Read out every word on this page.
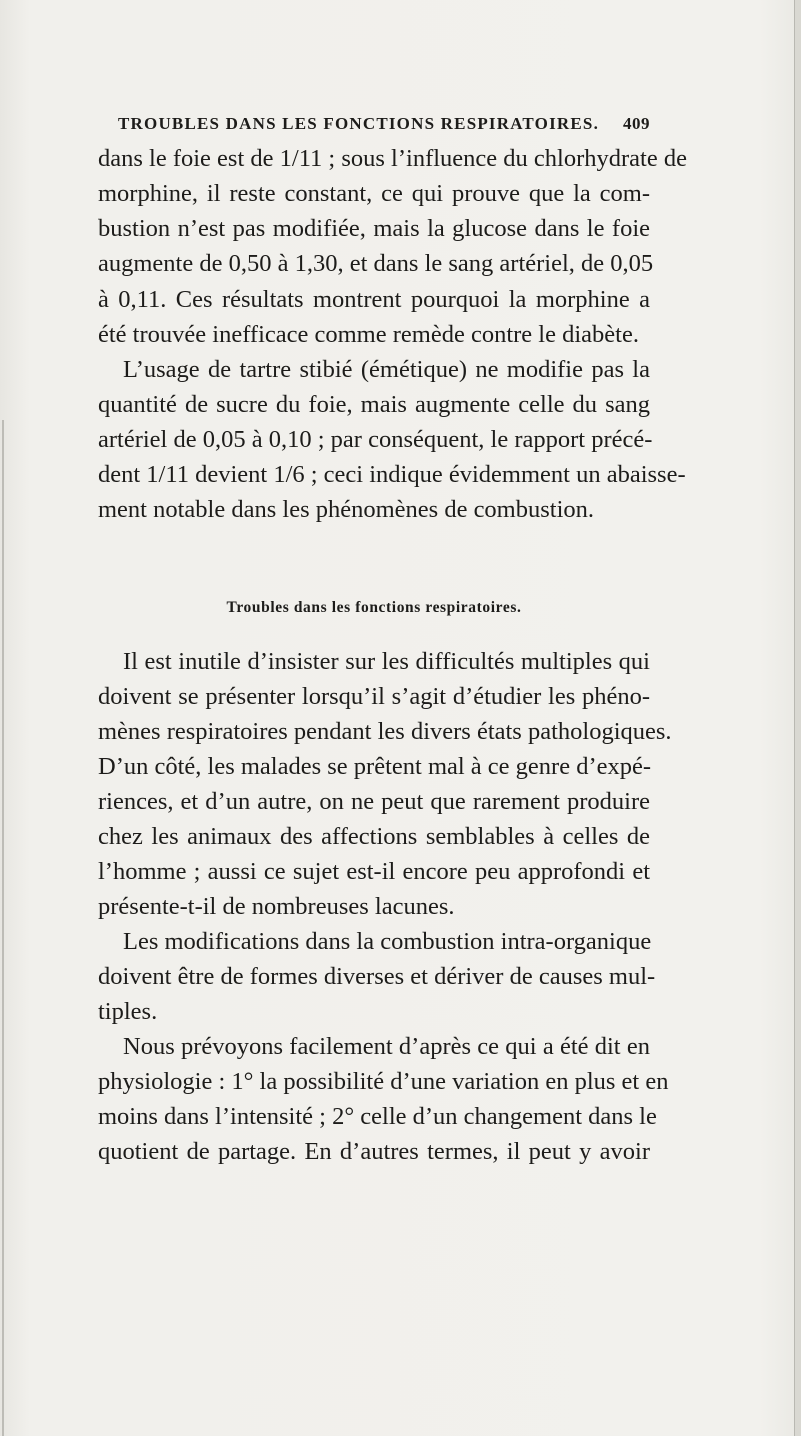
TROUBLES DANS LES FONCTIONS RESPIRATOIRES. 409
dans le foie est de 1/11 ; sous l’influence du chlorhydrate de
morphine, il reste constant, ce qui prouve que la com-
bustion n’est pas modifiée, mais la glucose dans le foie
augmente de 0,50 à 1,30, et dans le sang artériel, de 0,05
à 0,11. Ces résultats montrent pourquoi la morphine a
été trouvée inefficace comme remède contre le diabète.
L’usage de tartre stibié (émétique) ne modifie pas la
quantité de sucre du foie, mais augmente celle du sang
artériel de 0,05 à 0,10 ; par conséquent, le rapport précé-
dent 1/11 devient 1/6 ; ceci indique évidemment un abaisse-
ment notable dans les phénomènes de combustion.
Troubles dans les fonctions respiratoires.
Il est inutile d’insister sur les difficultés multiples qui
doivent se présenter lorsqu’il s’agit d’étudier les phéno-
mènes respiratoires pendant les divers états pathologiques.
D’un côté, les malades se prêtent mal à ce genre d’expé-
riences, et d’un autre, on ne peut que rarement produire
chez les animaux des affections semblables à celles de
l’homme ; aussi ce sujet est-il encore peu approfondi et
présente-t-il de nombreuses lacunes.
Les modifications dans la combustion intra-organique
doivent être de formes diverses et dériver de causes mul-
tiples.
Nous prévoyons facilement d’après ce qui a été dit en
physiologie : 1° la possibilité d’une variation en plus et en
moins dans l’intensité ; 2° celle d’un changement dans le
quotient de partage. En d’autres termes, il peut y avoir
